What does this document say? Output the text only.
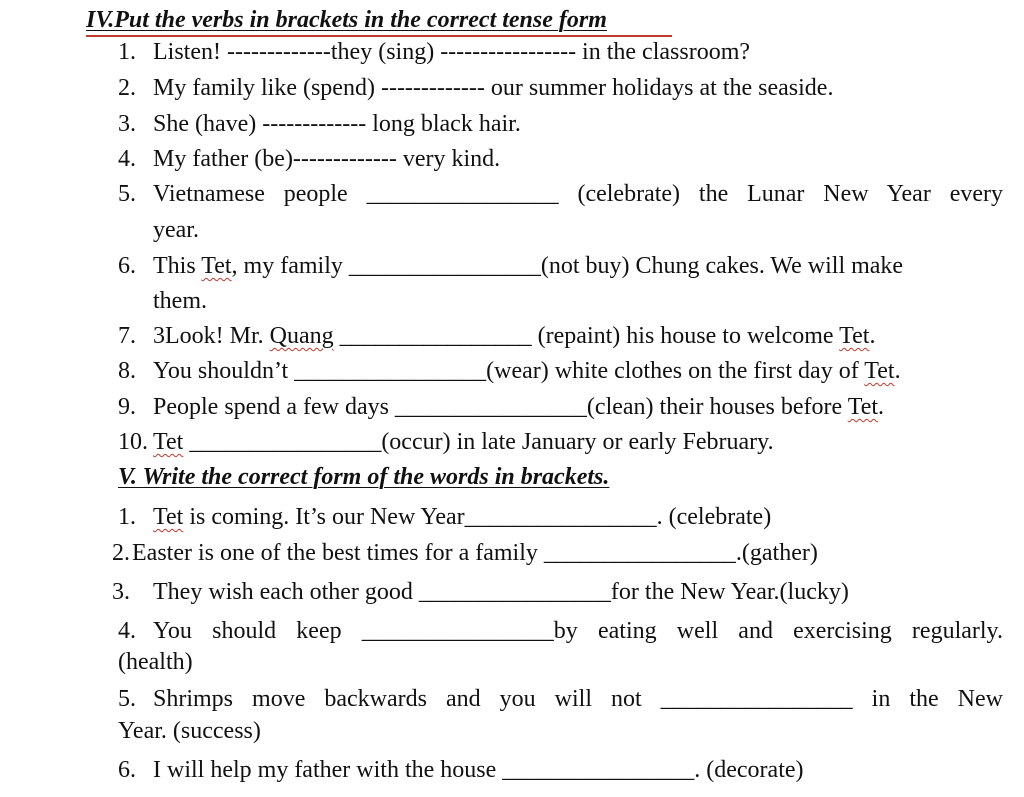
IV.Put the verbs in brackets in the correct tense form
1. Listen! -------------they (sing) ----------------- in the classroom?
2. My family like (spend) ------------- our summer holidays at the seaside.
3. She (have) ------------- long black hair.
4. My father (be)------------- very kind.
5. Vietnamese people ________________ (celebrate) the Lunar New Year every
year.
6. This Tet, my family ________________(not buy) Chung cakes. We will make
them.
7. 3Look! Mr. Quang ________________ (repaint) his house to welcome Tet.
8. You shouldn’t ________________(wear) white clothes on the first day of Tet.
9. People spend a few days ________________(clean) their houses before Tet.
10. Tet ________________(occur) in late January or early February.
V. Write the correct form of the words in brackets.
1. Tet is coming. It’s our New Year________________. (celebrate)
2. Easter is one of the best times for a family ________________.(gather)
3. They wish each other good ________________for the New Year.(lucky)
4. You should keep ________________by eating well and exercising regularly.
(health)
5. Shrimps move backwards and you will not ________________ in the New
Year. (success)
6. I will help my father with the house ________________. (decorate)
